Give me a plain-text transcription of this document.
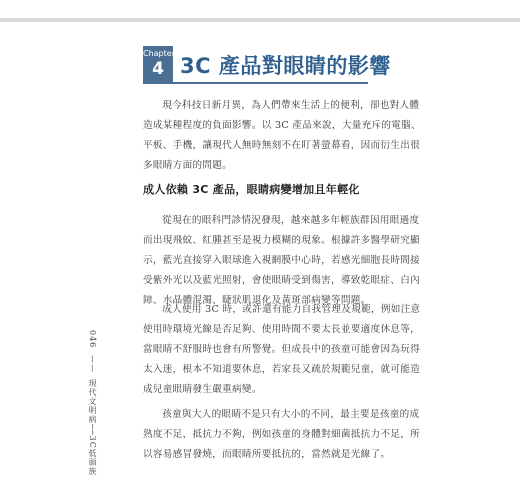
Chapter
4 3C 產品對眼睛的影響

現今科技日新月異，為人們帶來生活上的便利，卻也對人體造成某種程度的負面影響。以 3C 產品來說，大量充斥的電腦、平板、手機，讓現代人無時無刻不在盯著螢幕看，因而衍生出很多眼睛方面的問題。

成人依賴 3C 產品，眼睛病變增加且年輕化

從現在的眼科門診情況發現，越來越多年輕族群因用眼過度而出現飛蚊、紅腫甚至是視力模糊的現象。根據許多醫學研究顯示，藍光直接穿入眼球進入視網膜中心時，若感光細胞長時間接受紫外光以及藍光照射，會使眼睛受到傷害，導致乾眼症、白內障、水晶體混濁、睫狀肌退化及黃斑部病變等問題。

成人使用 3C 時，或許還有能力自我管理及規範，例如注意使用時環境光線是否足夠、使用時間不要太長並要適度休息等，當眼睛不舒服時也會有所警覺。但成長中的孩童可能會因為玩得太入迷，根本不知道要休息，若家長又疏於規範兒童，就可能造成兒童眼睛發生嚴重病變。

孩童與大人的眼睛不是只有大小的不同，最主要是孩童的成熟度不足，抵抗力不夠，例如孩童的身體對細菌抵抗力不足，所以容易感冒發燒，而眼睛所要抵抗的，當然就是光線了。

046 —— 現代文明病──3C低頭族
